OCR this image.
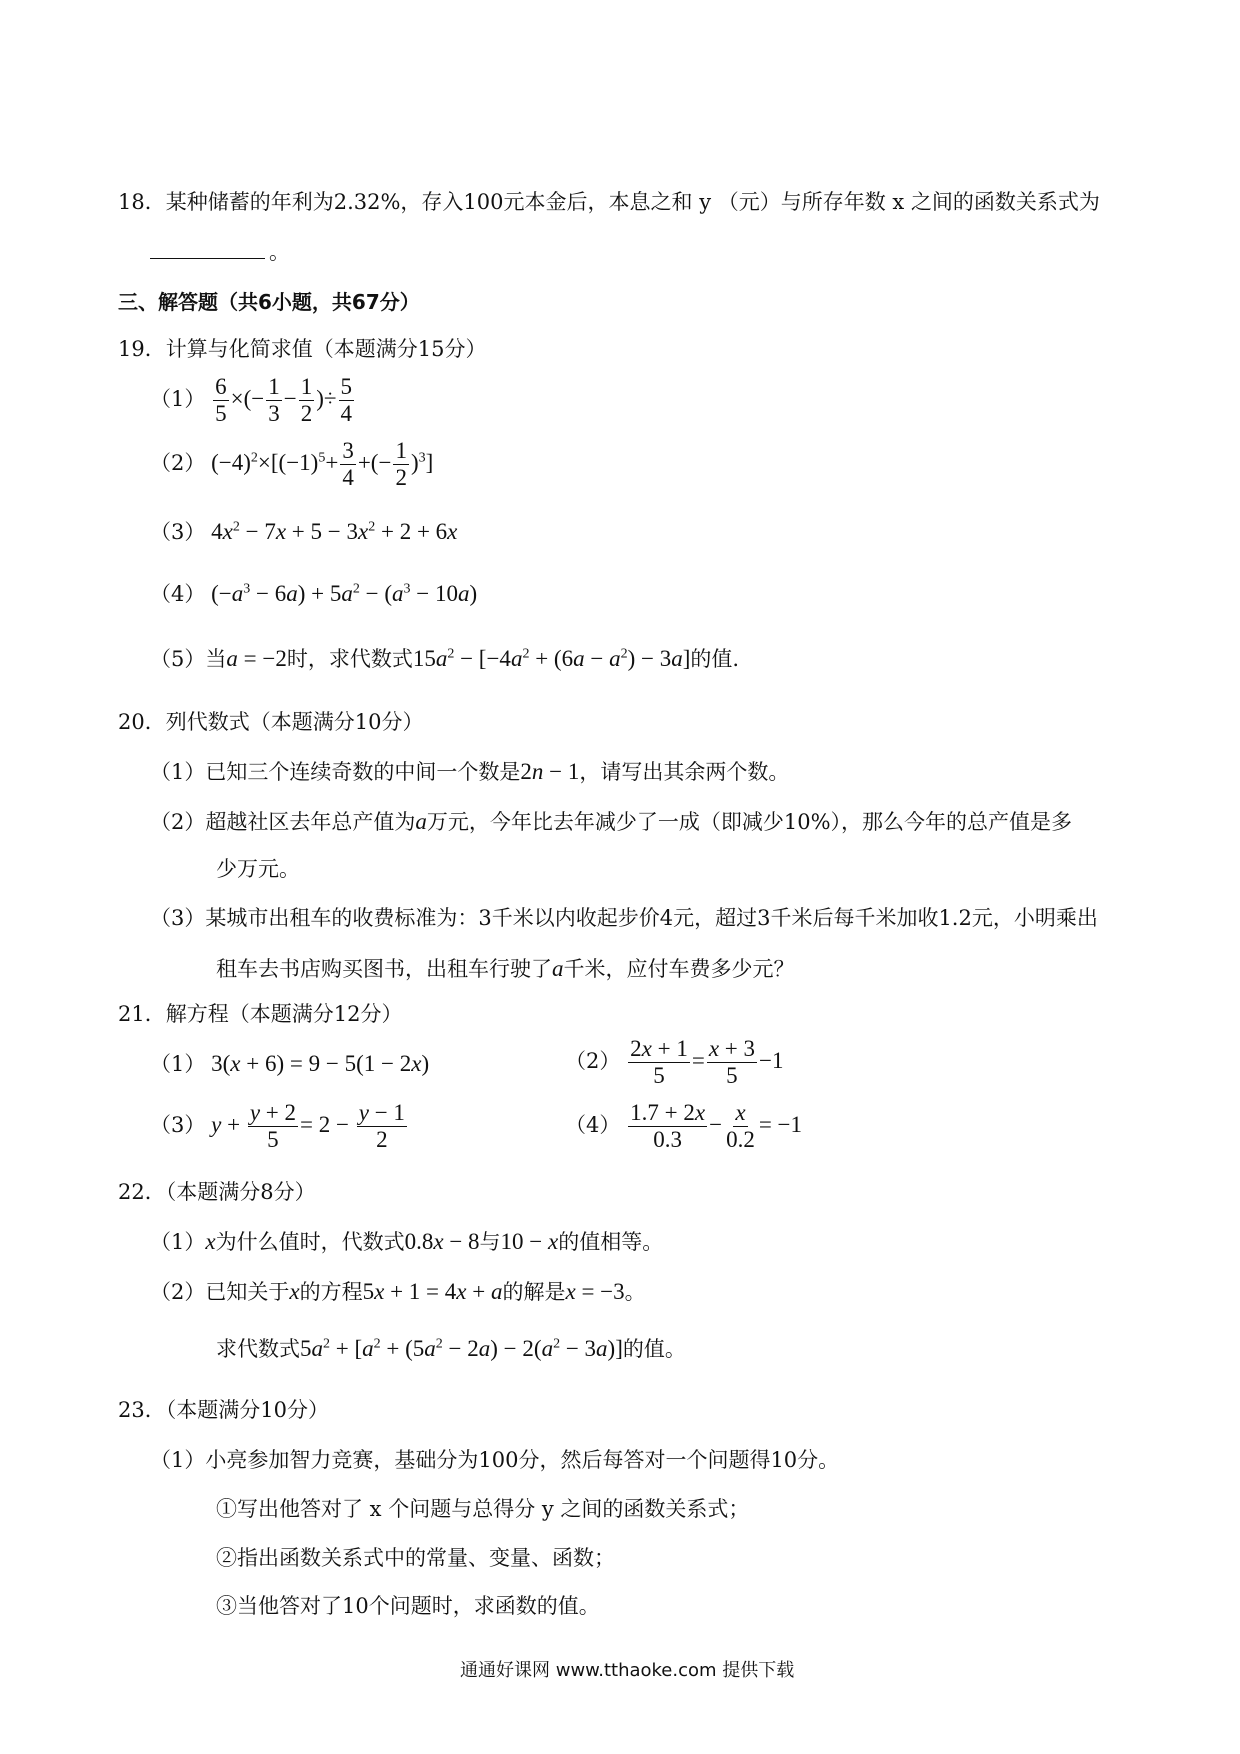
18．某种储蓄的年利为2.32%，存入100元本金后，本息之和 y （元）与所存年数 x 之间的函数关系式为
。
三、解答题（共6小题，共67分）
19．计算与化简求值（本题满分15分）
$(1) \frac{6}{5}$ ×(− $\frac{1}{3} - \frac{1}{2}$ )÷ $\frac{5}{4}$
（2） $(-4)^2\times[(-1)^5+ \frac{3}{4}$ +(− $\frac{1}{2} )^3$]
（3） $4x^2 - 7x + 5 - 3x^2 + 2 + 6x$
（4） $(-a^3 - 6a) + 5a^2 - (a^3 - 10a)$
（5）当a = −2时，求代数式$15a^2 - [-4a^2 + (6a - a^2) - 3a]$的值.
20．列代数式（本题满分10分）
（1）已知三个连续奇数的中间一个数是2n − 1，请写出其余两个数。
（2）超越社区去年总产值为a万元，今年比去年减少了一成（即减少10%），那么今年的总产值是多
少万元。
（3）某城市出租车的收费标准为：3千米以内收起步价4元，超过3千米后每千米加收1.2元，小明乘出
租车去书店购买图书，出租车行驶了a千米，应付车费多少元？
21．解方程（本题满分12分）
（1） 3(x + 6) = 9 − 5(1 − 2x)	$(2) \frac{2x + 1}{5} = \frac{x + 3}{5} -1$
（3） $y + \frac{y + 2}{5} = 2 - \frac{y - 1}{2}$	$(4) \frac{1.7 + 2x}{0.3} - \frac{x}{0.2} = -1$
22．（本题满分8分）
（1）x为什么值时，代数式0.8x − 8与10 − x的值相等。
（2）已知关于x的方程5x + 1 = 4x + a的解是x = −3。
求代数式$5a^2 + [a^2 + (5a^2 - 2a) - 2(a^2 - 3a)]$的值。
23．（本题满分10分）
（1）小亮参加智力竞赛，基础分为100分，然后每答对一个问题得10分。
①写出他答对了 x 个问题与总得分 y 之间的函数关系式；
②指出函数关系式中的常量、变量、函数；
③当他答对了10个问题时，求函数的值。
通通好课网 www.tthaoke.com 提供下载
